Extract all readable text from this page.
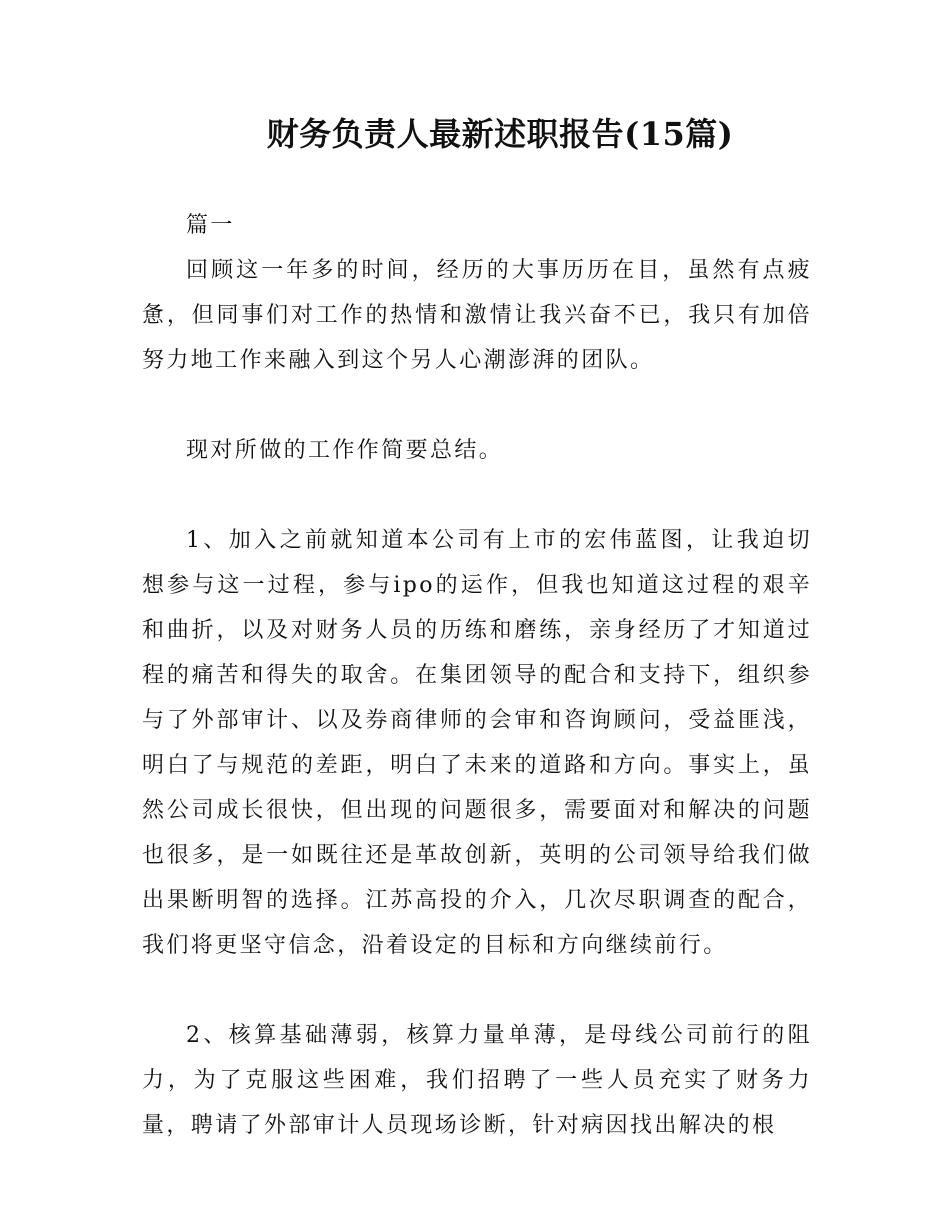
财务负责人最新述职报告(15篇)

篇一

回顾这一年多的时间，经历的大事历历在目，虽然有点疲惫，但同事们对工作的热情和激情让我兴奋不已，我只有加倍努力地工作来融入到这个另人心潮澎湃的团队。

现对所做的工作作简要总结。

1、加入之前就知道本公司有上市的宏伟蓝图，让我迫切想参与这一过程，参与ipo的运作，但我也知道这过程的艰辛和曲折，以及对财务人员的历练和磨练，亲身经历了才知道过程的痛苦和得失的取舍。在集团领导的配合和支持下，组织参与了外部审计、以及券商律师的会审和咨询顾问，受益匪浅，明白了与规范的差距，明白了未来的道路和方向。事实上，虽然公司成长很快，但出现的问题很多，需要面对和解决的问题也很多，是一如既往还是革故创新，英明的公司领导给我们做出果断明智的选择。江苏高投的介入，几次尽职调查的配合，我们将更坚守信念，沿着设定的目标和方向继续前行。

2、核算基础薄弱，核算力量单薄，是母线公司前行的阻力，为了克服这些困难，我们招聘了一些人员充实了财务力量，聘请了外部审计人员现场诊断，针对病因找出解决的根
